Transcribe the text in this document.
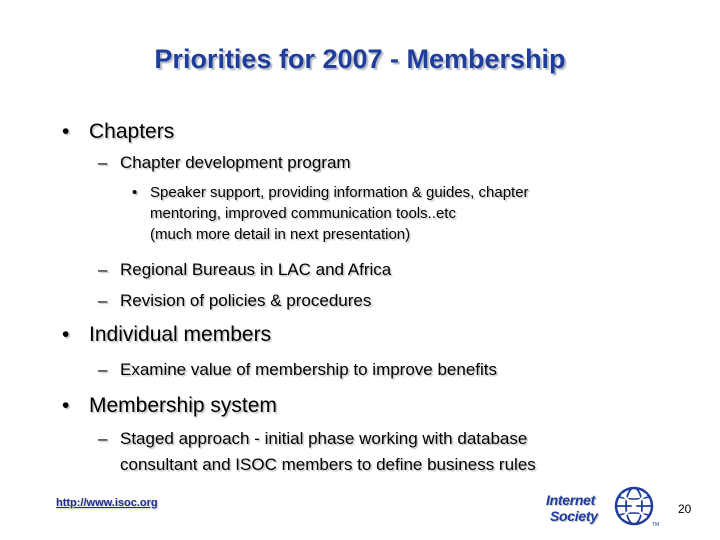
Priorities for 2007 - Membership
• Chapters
– Chapter development program
• Speaker support, providing information & guides, chapter
mentoring, improved communication tools..etc
(much more detail in next presentation)
– Regional Bureaus in LAC and Africa
– Revision of policies & procedures
• Individual members
– Examine value of membership to improve benefits
• Membership system
– Staged approach - initial phase working with database
consultant and ISOC members to define business rules
http://www.isoc.org	Internet
Society
TM
20
